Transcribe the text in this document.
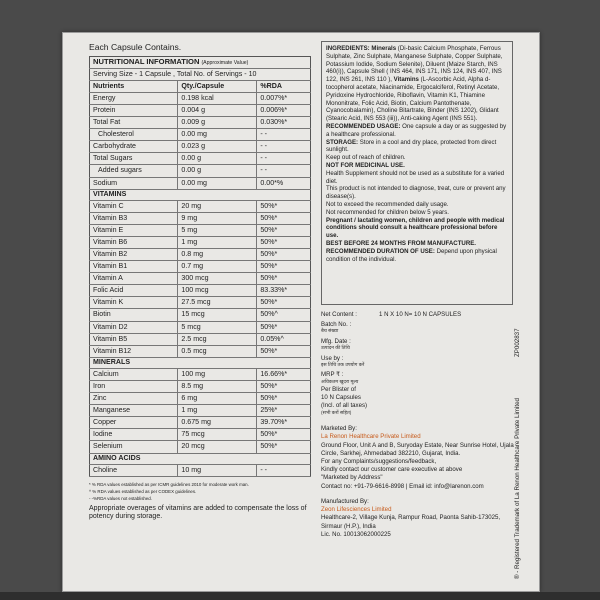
Each Capsule Contains.
NUTRITIONAL INFORMATION (Approximate Value)		
Serving Size - 1 Capsule , Total No. of Servings - 10		
Nutrients	Qty./Capsule	%RDA
Energy	0.198 kcal	0.007%*
Protein	0.004 g	0.006%*
Total Fat	0.009 g	0.030%*
Cholesterol	0.00 mg	- -
Carbohydrate	0.023 g	- -
Total Sugars	0.00 g	- -
Added sugars	0.00 g	- -
Sodium	0.00 mg	0.00*%
VITAMINS		
Vitamin C	20 mg	50%*
Vitamin B3	9 mg	50%*
Vitamin E	5 mg	50%*
Vitamin B6	1 mg	50%*
Vitamin B2	0.8 mg	50%*
Vitamin B1	0.7 mg	50%*
Vitamin A	300 mcg	50%*
Folic Acid	100 mcg	83.33%*
Vitamin K	27.5 mcg	50%*
Biotin	15 mcg	50%^
Vitamin D2	5 mcg	50%*
Vitamin B5	2.5 mcg	0.05%^
Vitamin B12	0.5 mcg	50%*
MINERALS		
Calcium	100 mg	16.66%*
Iron	8.5 mg	50%*
Zinc	6 mg	50%*
Manganese	1 mg	25%*
Copper	0.675 mg	39.70%*
Iodine	75 mcg	50%*
Selenium	20 mcg	50%*
AMINO ACIDS		
Choline	10 mg	- -
* % RDA values established as per ICMR guidelines 2010 for moderate work man.
^ % RDA values established as per CODEX guidelines.
- -%RDA values not established.
Appropriate overages of vitamins are added to compensate the loss of potency during storage.

INGREDIENTS: Minerals (Di-basic Calcium Phosphate, Ferrous Sulphate, Zinc Sulphate, Manganese Sulphate, Copper Sulphate, Potassium Iodide, Sodium Selenite), Diluent (Maize Starch, INS 460(i)), Capsule Shell ( INS 464, INS 171, INS 124, INS 407, INS 122, INS 261, INS 110 ), Vitamins (L-Ascorbic Acid, Alpha d-tocopherol acetate, Niacinamide, Ergocalciferol, Retinyl Acetate, Pyridoxine Hydrochloride, Riboflavin, Vitamin K1, Thiamine Mononitrate, Folic Acid, Biotin, Calcium Pantothenate, Cyanocobalamin), Choline Bitartrate, Binder (INS 1202), Glidant (Stearic Acid, INS 553 (iii)), Anti-caking Agent (INS 551).

RECOMMENDED USAGE: One capsule a day or as suggested by a healthcare professional.

STORAGE: Store in a cool and dry place, protected from direct sunlight.

Keep out of reach of children.

NOT FOR MEDICINAL USE.

Health Supplement should not be used as a substitute for a varied diet.

This product is not intended to diagnose, treat, cure or prevent any disease(s).

Not to exceed the recommended daily usage.

Not recommended for children below 5 years.

Pregnant / lactating women, children and people with medical conditions should consult a healthcare professional before use.

BEST BEFORE 24 MONTHS FROM MANUFACTURE.

RECOMMENDED DURATION OF USE: Depend upon physical condition of the individual.

Net Content :	1 N X 10 N= 10 N CAPSULES
Batch No. :
बैच संख्या
Mfg. Date :
उत्पादन की तिथि
Use by :
इस तिथि तक उपयोग करें
MRP ₹ :
अधिकतम खुदरा मूल्य
Per Blister of
10 N Capsules
(Incl. of all taxes)
(सभी करों सहित)
Marketed By:
La Renon Healthcare Private Limited
Ground Floor, Unit A and B, Suryoday Estate, Near Sunrise Hotel, Ujala Circle, Sarkhej, Ahmedabad 382210, Gujarat, India.
For any Complaints/suggestions/feedback,
Kindly contact our customer care executive at above
"Marketed by Address"
Contact no: +91-79-6616-8998 | Email id: info@larenon.com
Manufactured By:
Zeon Lifesciences Limited
Healthcare-2, Village Kunja, Rampur Road, Paonta Sahib-173025,
Sirmaur (H.P.), India
Lic. No. 10013062000225	® - Registered Trademark of La Renon Healthcare Private Limited
ZP002837
